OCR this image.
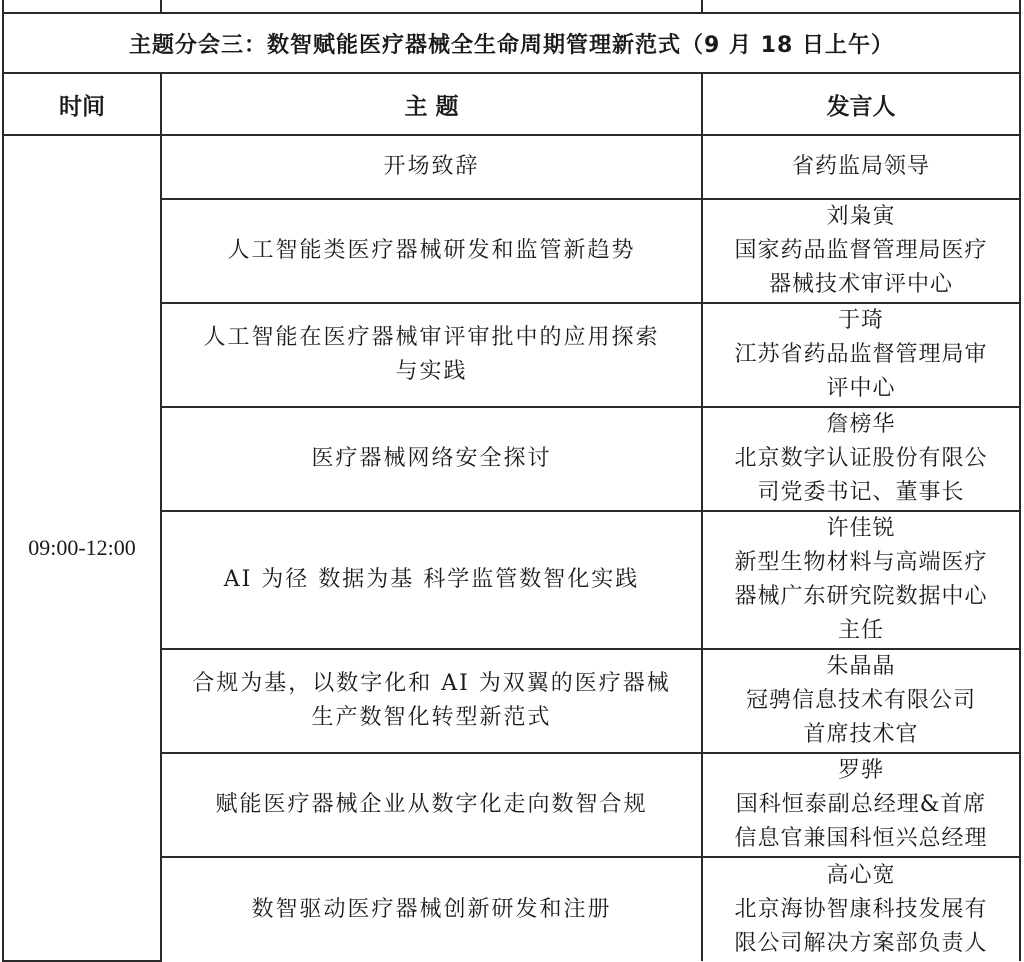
主题分会三：数智赋能医疗器械全生命周期管理新范式（9 月 18 日上午）		
时间	主 题	发言人
09:00-12:00	开场致辞	省药监局领导

	人工智能类医疗器械研发和监管新趋势	刘枭寅
国家药品监督管理局医疗
器械技术审评中心

	人工智能在医疗器械审评审批中的应用探索
与实践	于琦
江苏省药品监督管理局审
评中心

	医疗器械网络安全探讨	詹榜华
北京数字认证股份有限公
司党委书记、董事长

	AI 为径 数据为基 科学监管数智化实践	许佳锐
新型生物材料与高端医疗
器械广东研究院数据中心
主任

	合规为基，以数字化和 AI 为双翼的医疗器械
生产数智化转型新范式	朱晶晶
冠骋信息技术有限公司
首席技术官

	赋能医疗器械企业从数字化走向数智合规	罗骅
国科恒泰副总经理&首席
信息官兼国科恒兴总经理

	数智驱动医疗器械创新研发和注册	高心宽
北京海协智康科技发展有
限公司解决方案部负责人
